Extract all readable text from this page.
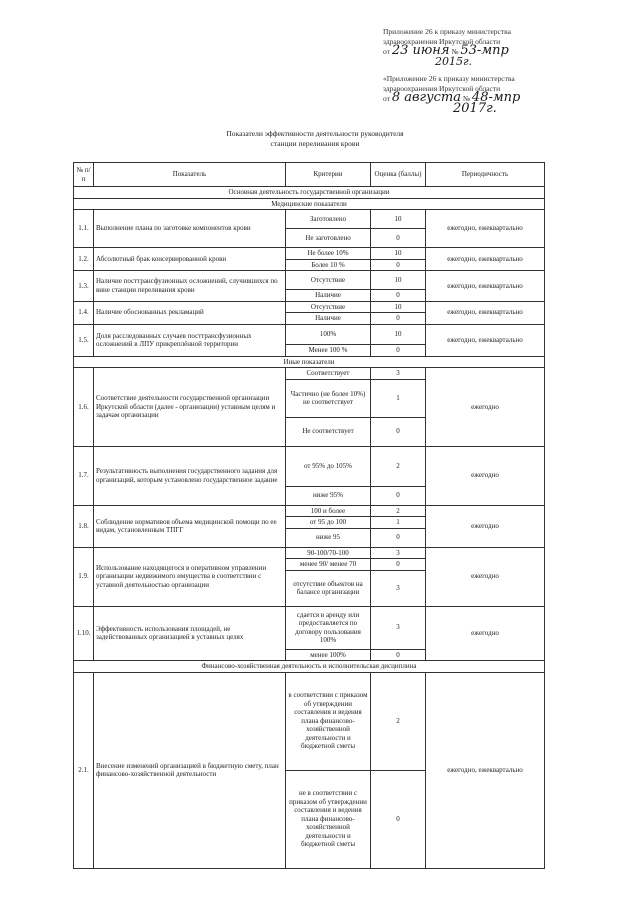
Приложение 26 к приказу министерства
здравоохранения Иркутской области
от 23 июня № 53-мпр
2015г.
«Приложение 26 к приказу министерства
здравоохранения Иркутской области
от 8 августа № 48-мпр
2017г.
Показатели эффективности деятельности руководителя
станции переливания крови
№ п/п	Показатель	Критерии	Оценка (баллы)	Периодичность
Основная деятельность государственной организации				
Медицинские показатели				
1.1.	Выполнение плана по заготовке компонентов крови	Заготовлено	10	ежегодно, ежеквартально
		Не заготовлено	0	
1.2.	Абсолютный брак консервированной крови	Не более 10%	10	ежегодно, ежеквартально
		Более 10 %	0	
1.3.	Наличие посттрансфузионных осложнений, случившихся по вине станции переливания крови	Отсутствие	10	ежегодно, ежеквартально
		Наличие	0	
1.4.	Наличие обоснованных рекламаций	Отсутствие	10	ежегодно, ежеквартально
		Наличие	0	
1.5.	Доля расследованных случаев посттрансфузионных осложнений в ЛПУ прикреплённой территории	100%	10	ежегодно, ежеквартально
		Менее 100 %	0	
Иные показатели				
1.6.	Соответствие деятельности государственной организации Иркутской области (далее - организации) уставным целям и задачам организации	Соответствует	3	ежегодно
		Частично (не более 10%) не соответствует	1	
		Не соответствует	0	
1.7.	Результативность выполнения государственного задания для организаций, которым установлено государственное задание	от 95% до 105%	2	ежегодно
		ниже 95%	0	
1.8.	Соблюдение нормативов объема медицинской помощи по ее видам, установленным ТПГГ	100 и более	2	ежегодно
		от 95 до 100	1	
		ниже 95	0	
1.9.	Использование находящегося в оперативном управлении организации недвижимого имущества в соответствии с уставной деятельностью организации	90-100/70-100	3	ежегодно
		менее 90/ менее 70	0	
		отсутствие объектов на балансе организации	3	
1.10.	Эффективность использования площадей, не задействованных организацией в уставных целях	сдается в аренду или предоставляется по договору пользования 100%	3	ежегодно
		менее 100%	0	
Финансово-хозяйственная деятельность и исполнительская дисциплина				
2.1.	Внесение изменений организацией в бюджетную смету, план финансово-хозяйственной деятельности	в соответствии с приказом об утверждении составления и ведения плана финансово-хозяйственной деятельности и бюджетной сметы	2	ежегодно, ежеквартально
		не в соответствии с приказом об утверждении составления и ведения плана финансово-хозяйственной деятельности и бюджетной сметы	0	
